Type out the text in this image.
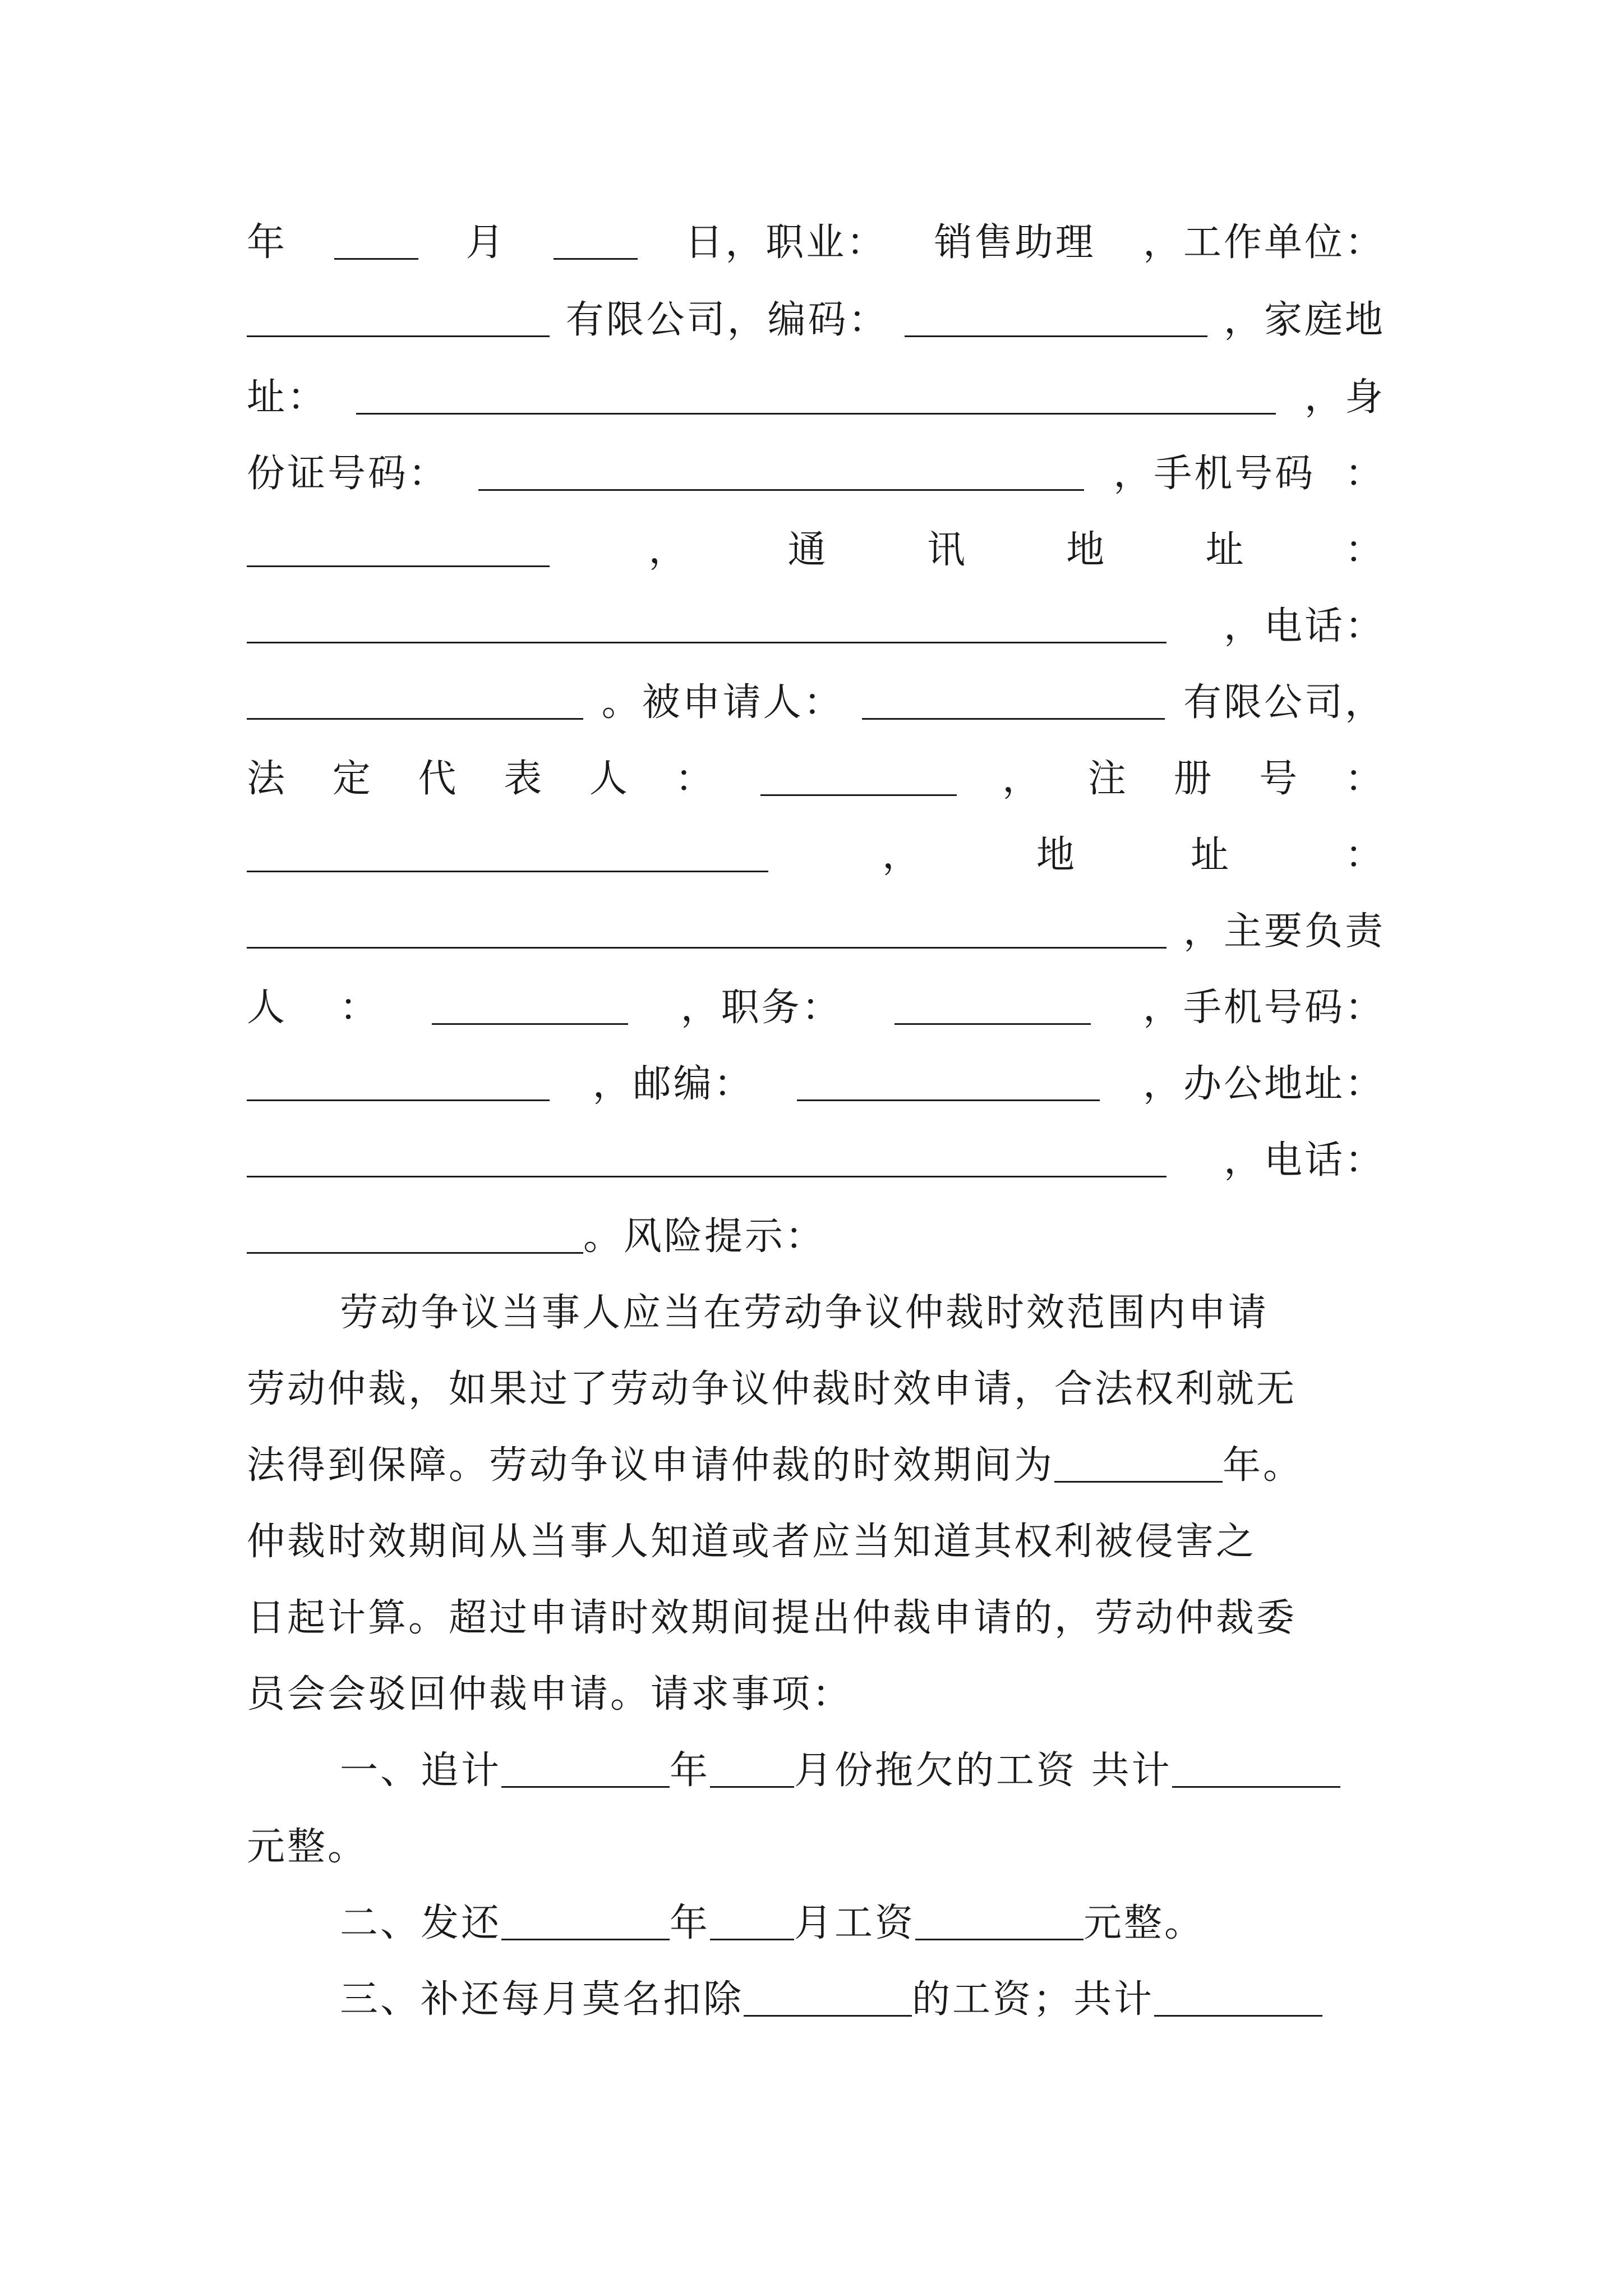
年	月	日，职业： 销售助理 ，工作单位：
有限公司，编码：	，家庭地
址：	，身
份证号码：	，手机号码 ：
，	通	讯	地	址	：
，电话：
。被申请人：	有限公司，
法 定 代 表 人 ：	， 注 册 号 ：
，	地	址	：
，主要负责
人 ：	，职务：	，手机号码：
，邮编：	，办公地址：
，电话：
。风险提示：
劳动争议当事人应当在劳动争议仲裁时效范围内申请
劳动仲裁，如果过了劳动争议仲裁时效申请，合法权利就无
法得到保障。劳动争议申请仲裁的时效期间为	年。
仲裁时效期间从当事人知道或者应当知道其权利被侵害之
日起计算。超过申请时效期间提出仲裁申请的，劳动仲裁委
员会会驳回仲裁申请。请求事项：
一、追计	年 月份拖欠的工资 共计
元整。
二、发还	年 月工资	元整。
三、补还每月莫名扣除	的工资；共计
